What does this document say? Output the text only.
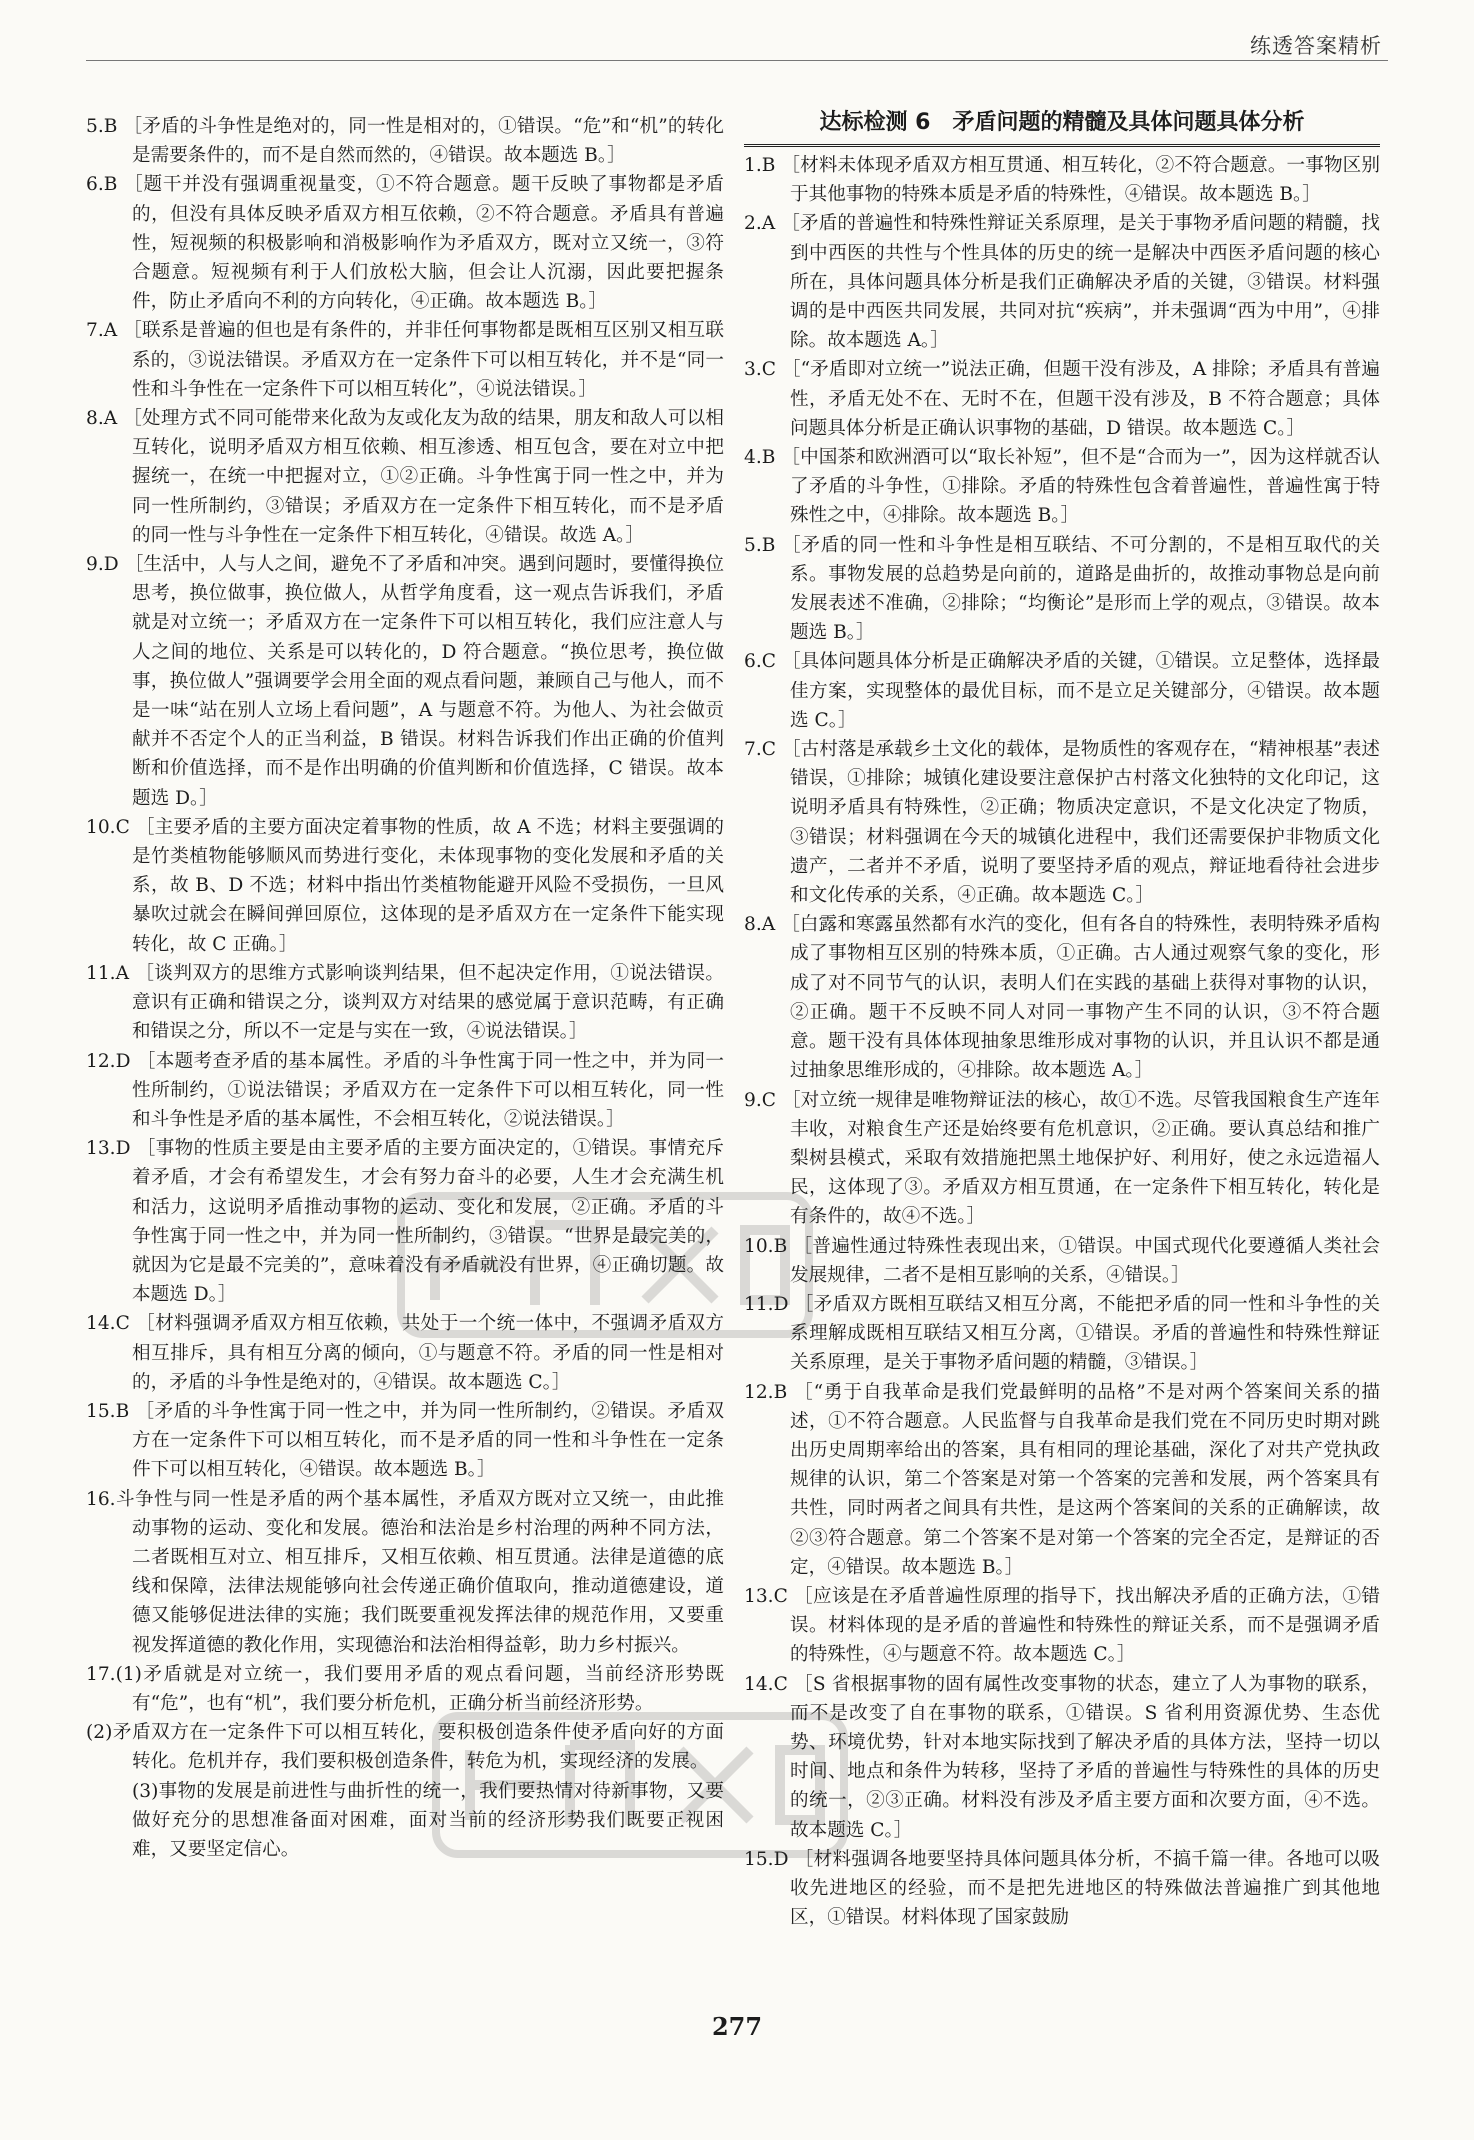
练透答案精析

5.B ［矛盾的斗争性是绝对的，同一性是相对的，①错误。“危”和“机”的转化是需要条件的，而不是自然而然的，④错误。故本题选 B。］

6.B ［题干并没有强调重视量变，①不符合题意。题干反映了事物都是矛盾的，但没有具体反映矛盾双方相互依赖，②不符合题意。矛盾具有普遍性，短视频的积极影响和消极影响作为矛盾双方，既对立又统一，③符合题意。短视频有利于人们放松大脑，但会让人沉溺，因此要把握条件，防止矛盾向不利的方向转化，④正确。故本题选 B。］

7.A ［联系是普遍的但也是有条件的，并非任何事物都是既相互区别又相互联系的，③说法错误。矛盾双方在一定条件下可以相互转化，并不是“同一性和斗争性在一定条件下可以相互转化”，④说法错误。］

8.A ［处理方式不同可能带来化敌为友或化友为敌的结果，朋友和敌人可以相互转化，说明矛盾双方相互依赖、相互渗透、相互包含，要在对立中把握统一，在统一中把握对立，①②正确。斗争性寓于同一性之中，并为同一性所制约，③错误；矛盾双方在一定条件下相互转化，而不是矛盾的同一性与斗争性在一定条件下相互转化，④错误。故选 A。］

9.D ［生活中，人与人之间，避免不了矛盾和冲突。遇到问题时，要懂得换位思考，换位做事，换位做人，从哲学角度看，这一观点告诉我们，矛盾就是对立统一；矛盾双方在一定条件下可以相互转化，我们应注意人与人之间的地位、关系是可以转化的，D 符合题意。“换位思考，换位做事，换位做人”强调要学会用全面的观点看问题，兼顾自己与他人，而不是一味“站在别人立场上看问题”，A 与题意不符。为他人、为社会做贡献并不否定个人的正当利益，B 错误。材料告诉我们作出正确的价值判断和价值选择，而不是作出明确的价值判断和价值选择，C 错误。故本题选 D。］

10.C ［主要矛盾的主要方面决定着事物的性质，故 A 不选；材料主要强调的是竹类植物能够顺风而势进行变化，未体现事物的变化发展和矛盾的关系，故 B、D 不选；材料中指出竹类植物能避开风险不受损伤，一旦风暴吹过就会在瞬间弹回原位，这体现的是矛盾双方在一定条件下能实现转化，故 C 正确。］

11.A ［谈判双方的思维方式影响谈判结果，但不起决定作用，①说法错误。意识有正确和错误之分，谈判双方对结果的感觉属于意识范畴，有正确和错误之分，所以不一定是与实在一致，④说法错误。］

12.D ［本题考查矛盾的基本属性。矛盾的斗争性寓于同一性之中，并为同一性所制约，①说法错误；矛盾双方在一定条件下可以相互转化，同一性和斗争性是矛盾的基本属性，不会相互转化，②说法错误。］

13.D ［事物的性质主要是由主要矛盾的主要方面决定的，①错误。事情充斥着矛盾，才会有希望发生，才会有努力奋斗的必要，人生才会充满生机和活力，这说明矛盾推动事物的运动、变化和发展，②正确。矛盾的斗争性寓于同一性之中，并为同一性所制约，③错误。“世界是最完美的，就因为它是最不完美的”，意味着没有矛盾就没有世界，④正确切题。故本题选 D。］

14.C ［材料强调矛盾双方相互依赖，共处于一个统一体中，不强调矛盾双方相互排斥，具有相互分离的倾向，①与题意不符。矛盾的同一性是相对的，矛盾的斗争性是绝对的，④错误。故本题选 C。］

15.B ［矛盾的斗争性寓于同一性之中，并为同一性所制约，②错误。矛盾双方在一定条件下可以相互转化，而不是矛盾的同一性和斗争性在一定条件下可以相互转化，④错误。故本题选 B。］

16.斗争性与同一性是矛盾的两个基本属性，矛盾双方既对立又统一，由此推动事物的运动、变化和发展。德治和法治是乡村治理的两种不同方法，二者既相互对立、相互排斥，又相互依赖、相互贯通。法律是道德的底线和保障，法律法规能够向社会传递正确价值取向，推动道德建设，道德又能够促进法律的实施；我们既要重视发挥法律的规范作用，又要重视发挥道德的教化作用，实现德治和法治相得益彰，助力乡村振兴。

17.(1)矛盾就是对立统一，我们要用矛盾的观点看问题，当前经济形势既有“危”，也有“机”，我们要分析危机，正确分析当前经济形势。

(2)矛盾双方在一定条件下可以相互转化，要积极创造条件使矛盾向好的方面转化。危机并存，我们要积极创造条件，转危为机，实现经济的发展。

(3)事物的发展是前进性与曲折性的统一，我们要热情对待新事物，又要做好充分的思想准备面对困难，面对当前的经济形势我们既要正视困难，又要坚定信心。

达标检测 6　矛盾问题的精髓及具体问题具体分析

1.B ［材料未体现矛盾双方相互贯通、相互转化，②不符合题意。一事物区别于其他事物的特殊本质是矛盾的特殊性，④错误。故本题选 B。］

2.A ［矛盾的普遍性和特殊性辩证关系原理，是关于事物矛盾问题的精髓，找到中西医的共性与个性具体的历史的统一是解决中西医矛盾问题的核心所在，具体问题具体分析是我们正确解决矛盾的关键，③错误。材料强调的是中西医共同发展，共同对抗“疾病”，并未强调“西为中用”，④排除。故本题选 A。］

3.C ［“矛盾即对立统一”说法正确，但题干没有涉及，A 排除；矛盾具有普遍性，矛盾无处不在、无时不在，但题干没有涉及，B 不符合题意；具体问题具体分析是正确认识事物的基础，D 错误。故本题选 C。］

4.B ［中国茶和欧洲酒可以“取长补短”，但不是“合而为一”，因为这样就否认了矛盾的斗争性，①排除。矛盾的特殊性包含着普遍性，普遍性寓于特殊性之中，④排除。故本题选 B。］

5.B ［矛盾的同一性和斗争性是相互联结、不可分割的，不是相互取代的关系。事物发展的总趋势是向前的，道路是曲折的，故推动事物总是向前发展表述不准确，②排除；“均衡论”是形而上学的观点，③错误。故本题选 B。］

6.C ［具体问题具体分析是正确解决矛盾的关键，①错误。立足整体，选择最佳方案，实现整体的最优目标，而不是立足关键部分，④错误。故本题选 C。］

7.C ［古村落是承载乡土文化的载体，是物质性的客观存在，“精神根基”表述错误，①排除；城镇化建设要注意保护古村落文化独特的文化印记，这说明矛盾具有特殊性，②正确；物质决定意识，不是文化决定了物质，③错误；材料强调在今天的城镇化进程中，我们还需要保护非物质文化遗产，二者并不矛盾，说明了要坚持矛盾的观点，辩证地看待社会进步和文化传承的关系，④正确。故本题选 C。］

8.A ［白露和寒露虽然都有水汽的变化，但有各自的特殊性，表明特殊矛盾构成了事物相互区别的特殊本质，①正确。古人通过观察气象的变化，形成了对不同节气的认识，表明人们在实践的基础上获得对事物的认识，②正确。题干不反映不同人对同一事物产生不同的认识，③不符合题意。题干没有具体体现抽象思维形成对事物的认识，并且认识不都是通过抽象思维形成的，④排除。故本题选 A。］

9.C ［对立统一规律是唯物辩证法的核心，故①不选。尽管我国粮食生产连年丰收，对粮食生产还是始终要有危机意识，②正确。要认真总结和推广梨树县模式，采取有效措施把黑土地保护好、利用好，使之永远造福人民，这体现了③。矛盾双方相互贯通，在一定条件下相互转化，转化是有条件的，故④不选。］

10.B ［普遍性通过特殊性表现出来，①错误。中国式现代化要遵循人类社会发展规律，二者不是相互影响的关系，④错误。］

11.D ［矛盾双方既相互联结又相互分离，不能把矛盾的同一性和斗争性的关系理解成既相互联结又相互分离，①错误。矛盾的普遍性和特殊性辩证关系原理，是关于事物矛盾问题的精髓，③错误。］

12.B ［“勇于自我革命是我们党最鲜明的品格”不是对两个答案间关系的描述，①不符合题意。人民监督与自我革命是我们党在不同历史时期对跳出历史周期率给出的答案，具有相同的理论基础，深化了对共产党执政规律的认识，第二个答案是对第一个答案的完善和发展，两个答案具有共性，同时两者之间具有共性，是这两个答案间的关系的正确解读，故②③符合题意。第二个答案不是对第一个答案的完全否定，是辩证的否定，④错误。故本题选 B。］

13.C ［应该是在矛盾普遍性原理的指导下，找出解决矛盾的正确方法，①错误。材料体现的是矛盾的普遍性和特殊性的辩证关系，而不是强调矛盾的特殊性，④与题意不符。故本题选 C。］

14.C ［S 省根据事物的固有属性改变事物的状态，建立了人为事物的联系，而不是改变了自在事物的联系，①错误。S 省利用资源优势、生态优势、环境优势，针对本地实际找到了解决矛盾的具体方法，坚持一切以时间、地点和条件为转移，坚持了矛盾的普遍性与特殊性的具体的历史的统一，②③正确。材料没有涉及矛盾主要方面和次要方面，④不选。故本题选 C。］

15.D ［材料强调各地要坚持具体问题具体分析，不搞千篇一律。各地可以吸收先进地区的经验，而不是把先进地区的特殊做法普遍推广到其他地区，①错误。材料体现了国家鼓励

277
